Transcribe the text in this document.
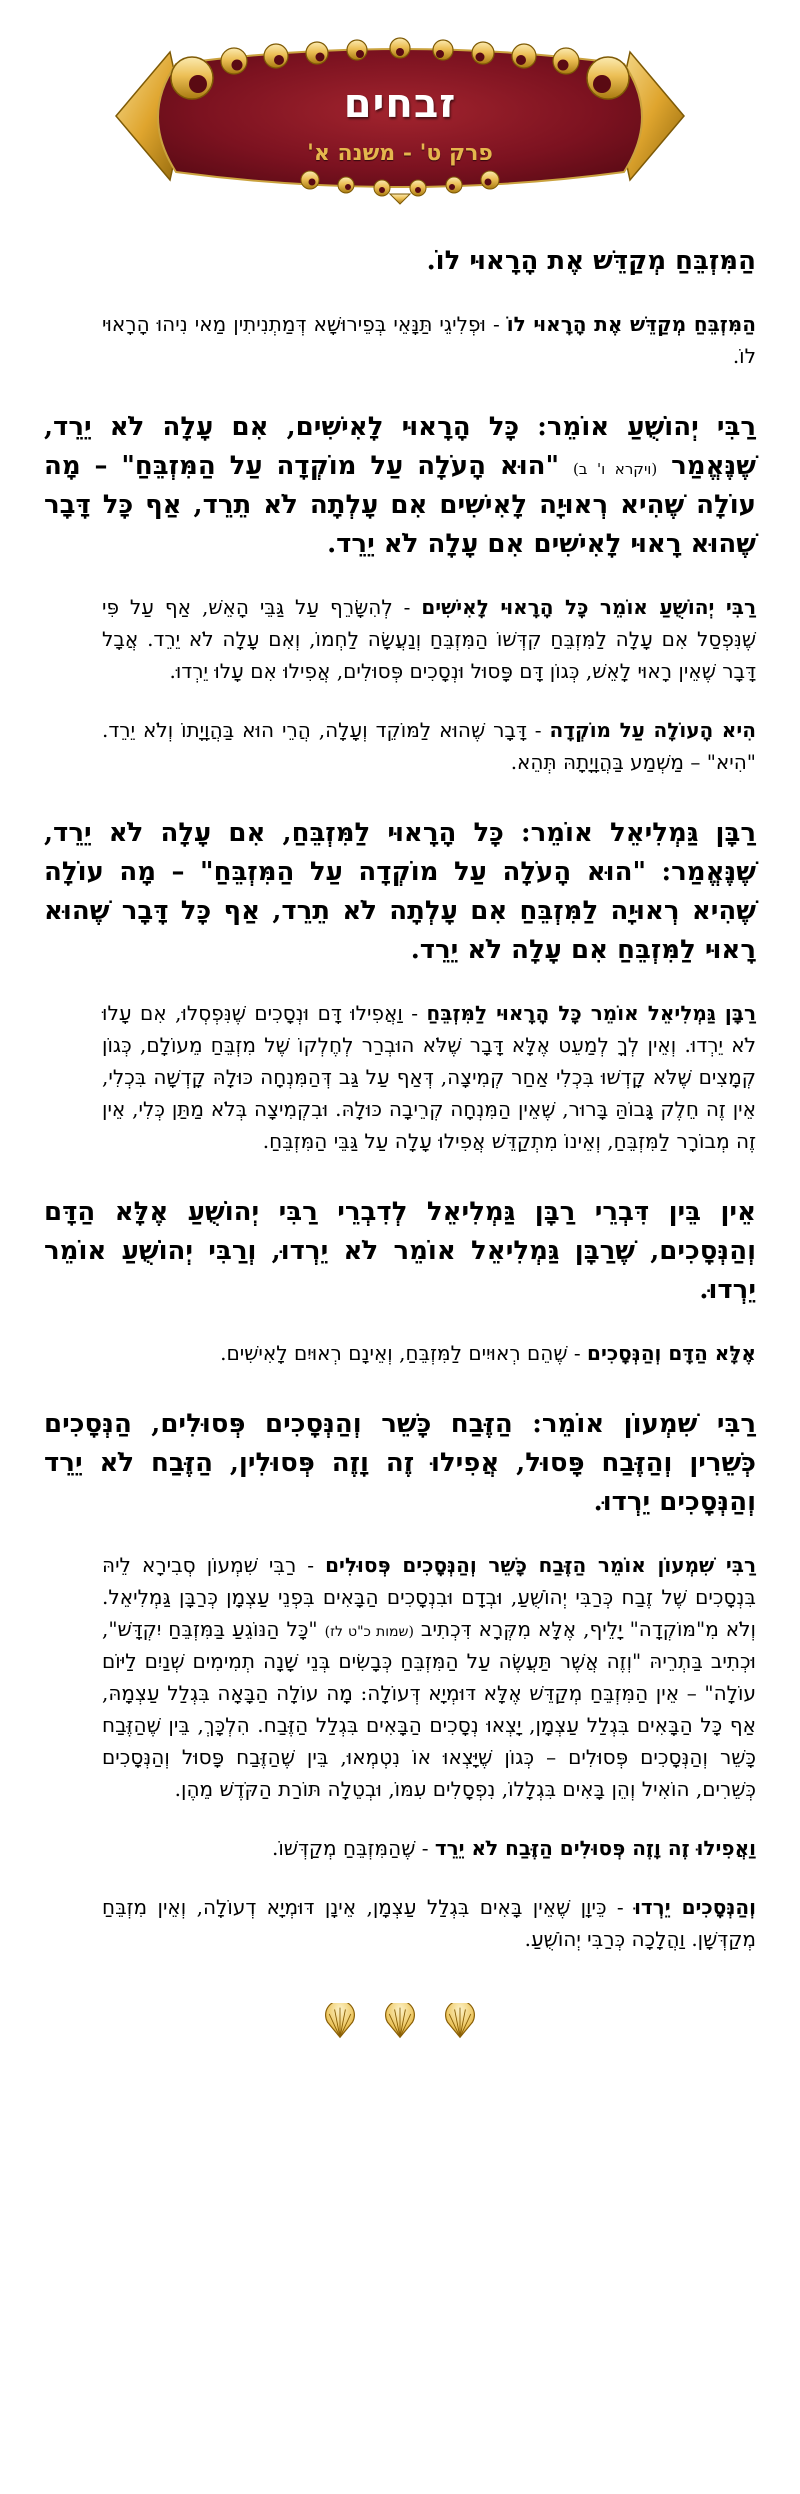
זבחים
פרק ט' - משנה א'
הַמִּזְבֵּחַ מְקַדֵּשׁ אֶת הָרָאוּי לוֹ.
הַמִּזְבֵּחַ מְקַדֵּשׁ אֶת הָרָאוּי לוֹ - וּפְלִיגֵי תַּנָּאֵי בְּפֵירוּשָׁא דְּמַתְנִיתִין מַאי נִיהוּ הָרָאוּי לוֹ.
רַבִּי יְהוֹשֻׁעַ אוֹמֵר: כָּל הָרָאוּי לָאִישִׁים, אִם עָלָה לֹא יֵרֵד, שֶׁנֶּאֱמַר (ויקרא ו' ב) "הוּא הָעֹלָה עַל מוֹקְדָה עַל הַמִּזְבֵּחַ" – מָה עוֹלָה שֶׁהִיא רְאוּיָה לָאִישִׁים אִם עָלְתָה לֹא תֵרֵד, אַף כָּל דָּבָר שֶׁהוּא רָאוּי לָאִישִׁים אִם עָלָה לֹא יֵרֵד.
רַבִּי יְהוֹשֻׁעַ אוֹמֵר כָּל הָרָאוּי לָאִישִׁים - לְהִשָּׂרֵף עַל גַּבֵּי הָאֵשׁ, אַף עַל פִּי שֶׁנִּפְסַל אִם עָלָה לַמִּזְבֵּחַ קִדְּשׁוֹ הַמִּזְבֵּחַ וְנַעֲשָׂה לַחְמוֹ, וְאִם עָלָה לֹא יֵרֵד. אֲבָל דָּבָר שֶׁאֵין רָאוּי לָאֵשׁ, כְּגוֹן דָּם פָּסוּל וּנְסָכִים פְּסוּלִים, אֲפִילוּ אִם עָלוּ יֵרְדוּ.
הִיא הָעוֹלָה עַל מוֹקְדָה - דָּבָר שֶׁהוּא לַמּוֹקֵד וְעָלָה, הֲרֵי הוּא בַּהֲוָיָתוֹ וְלֹא יֵרֵד. "הִיא" – מַשְׁמַע בַּהֲוָיָתָהּ תְּהֵא.
רַבָּן גַּמְלִיאֵל אוֹמֵר: כָּל הָרָאוּי לַמִּזְבֵּחַ, אִם עָלָה לֹא יֵרֵד, שֶׁנֶּאֱמַר: "הוּא הָעֹלָה עַל מוֹקְדָה עַל הַמִּזְבֵּחַ" – מָה עוֹלָה שֶׁהִיא רְאוּיָה לַמִּזְבֵּחַ אִם עָלְתָה לֹא תֵרֵד, אַף כָּל דָּבָר שֶׁהוּא רָאוּי לַמִּזְבֵּחַ אִם עָלָה לֹא יֵרֵד.
רַבָּן גַּמְלִיאֵל אוֹמֵר כָּל הָרָאוּי לַמִּזְבֵּחַ - וַאֲפִילוּ דָּם וּנְסָכִים שֶׁנִּפְסְלוּ, אִם עָלוּ לֹא יֵרְדוּ. וְאֵין לְךָ לְמַעֵט אֶלָּא דָּבָר שֶׁלֹּא הוּבְרַר לְחֶלְקוֹ שֶׁל מִזְבֵּחַ מֵעוֹלָם, כְּגוֹן קְמָצִים שֶׁלֹּא קָדְשׁוּ בִּכְלִי אַחַר קְמִיצָה, דְּאַף עַל גַּב דְּהַמִּנְחָה כּוּלָהּ קָדְשָׁה בִּכְלִי, אֵין זֶה חֵלֶק גָּבוֹהַּ בָּרוּר, שֶׁאֵין הַמִּנְחָה קְרֵיבָה כּוּלָהּ. וּבִקְמִיצָה בְּלֹא מַתַּן כְּלִי, אֵין זֶה מְבוֹרָר לַמִּזְבֵּחַ, וְאֵינוֹ מִתְקַדֵּשׁ אֲפִילוּ עָלָה עַל גַּבֵּי הַמִּזְבֵּחַ.
אֵין בֵּין דִּבְרֵי רַבָּן גַּמְלִיאֵל לְדִבְרֵי רַבִּי יְהוֹשֻׁעַ אֶלָּא הַדָּם וְהַנְּסָכִים, שֶׁרַבָּן גַּמְלִיאֵל אוֹמֵר לֹא יֵרְדוּ, וְרַבִּי יְהוֹשֻׁעַ אוֹמֵר יֵרְדוּ.
אֶלָּא הַדָּם וְהַנְּסָכִים - שֶׁהֵם רְאוּיִים לַמִּזְבֵּחַ, וְאֵינָם רְאוּיִם לָאִישִׁים.
רַבִּי שִׁמְעוֹן אוֹמֵר: הַזֶּבַח כָּשֵׁר וְהַנְּסָכִים פְּסוּלִים, הַנְּסָכִים כְּשֵׁרִין וְהַזֶּבַח פָּסוּל, אֲפִילוּ זֶה וָזֶה פְּסוּלִין, הַזֶּבַח לֹא יֵרֵד וְהַנְּסָכִים יֵרְדוּ.
רַבִּי שִׁמְעוֹן אוֹמֵר הַזֶּבַח כָּשֵׁר וְהַנְּסָכִים פְּסוּלִים - רַבִּי שִׁמְעוֹן סְבִירָא לֵיהּ בִּנְסָכִים שֶׁל זֶבַח כְּרַבִּי יְהוֹשֻׁעַ, וּבְדָם וּבִנְסָכִים הַבָּאִים בִּפְנֵי עַצְמָן כְּרַבָּן גַּמְלִיאֵל. וְלֹא מִ"מּוֹקְדָה" יָלֵיף, אֶלָּא מִקְּרָא דִּכְתִיב (שמות כ"ט לז) "כָּל הַנּוֹגֵעַ בַּמִּזְבֵּחַ יִקְדָּשׁ", וּכְתִיב בַּתְרֵיהּ "וְזֶה אֲשֶׁר תַּעֲשֶׂה עַל הַמִּזְבֵּחַ כְּבָשִׂים בְּנֵי שָׁנָה תְמִימִים שְׁנַיִם לַיּוֹם עוֹלָה" – אֵין הַמִּזְבֵּחַ מְקַדֵּשׁ אֶלָּא דּוּמְיָא דְּעוֹלָה: מָה עוֹלָה הַבָּאָה בִּגְלַל עַצְמָהּ, אַף כָּל הַבָּאִים בִּגְלַל עַצְמָן, יָצְאוּ נְסָכִים הַבָּאִים בִּגְלַל הַזֶּבַח. הִלְכָּךְ, בֵּין שֶׁהַזֶּבַח כָּשֵׁר וְהַנְּסָכִים פְּסוּלִים – כְּגוֹן שֶׁיָּצְאוּ אוֹ נִטְמְאוּ, בֵּין שֶׁהַזֶּבַח פָּסוּל וְהַנְּסָכִים כְּשֵׁרִים, הוֹאִיל וְהֵן בָּאִים בִּגְלָלוֹ, נִפְסָלִים עִמּוֹ, וּבְטֵלָה תּוֹרַת הַקֹּדֶשׁ מֵהֶן.
וַאֲפִילוּ זֶה וָזֶה פְּסוּלִים הַזֶּבַח לֹא יֵרֵד - שֶׁהַמִּזְבֵּחַ מְקַדְּשׁוֹ.
וְהַנְּסָכִים יֵרְדוּ - כֵּיוָן שֶׁאֵין בָּאִים בִּגְלַל עַצְמָן, אֵינָן דּוּמְיָא דְעוֹלָה, וְאֵין מִזְבֵּחַ מְקַדְּשָׁן. וַהֲלָכָה כְּרַבִּי יְהוֹשֻׁעַ.
